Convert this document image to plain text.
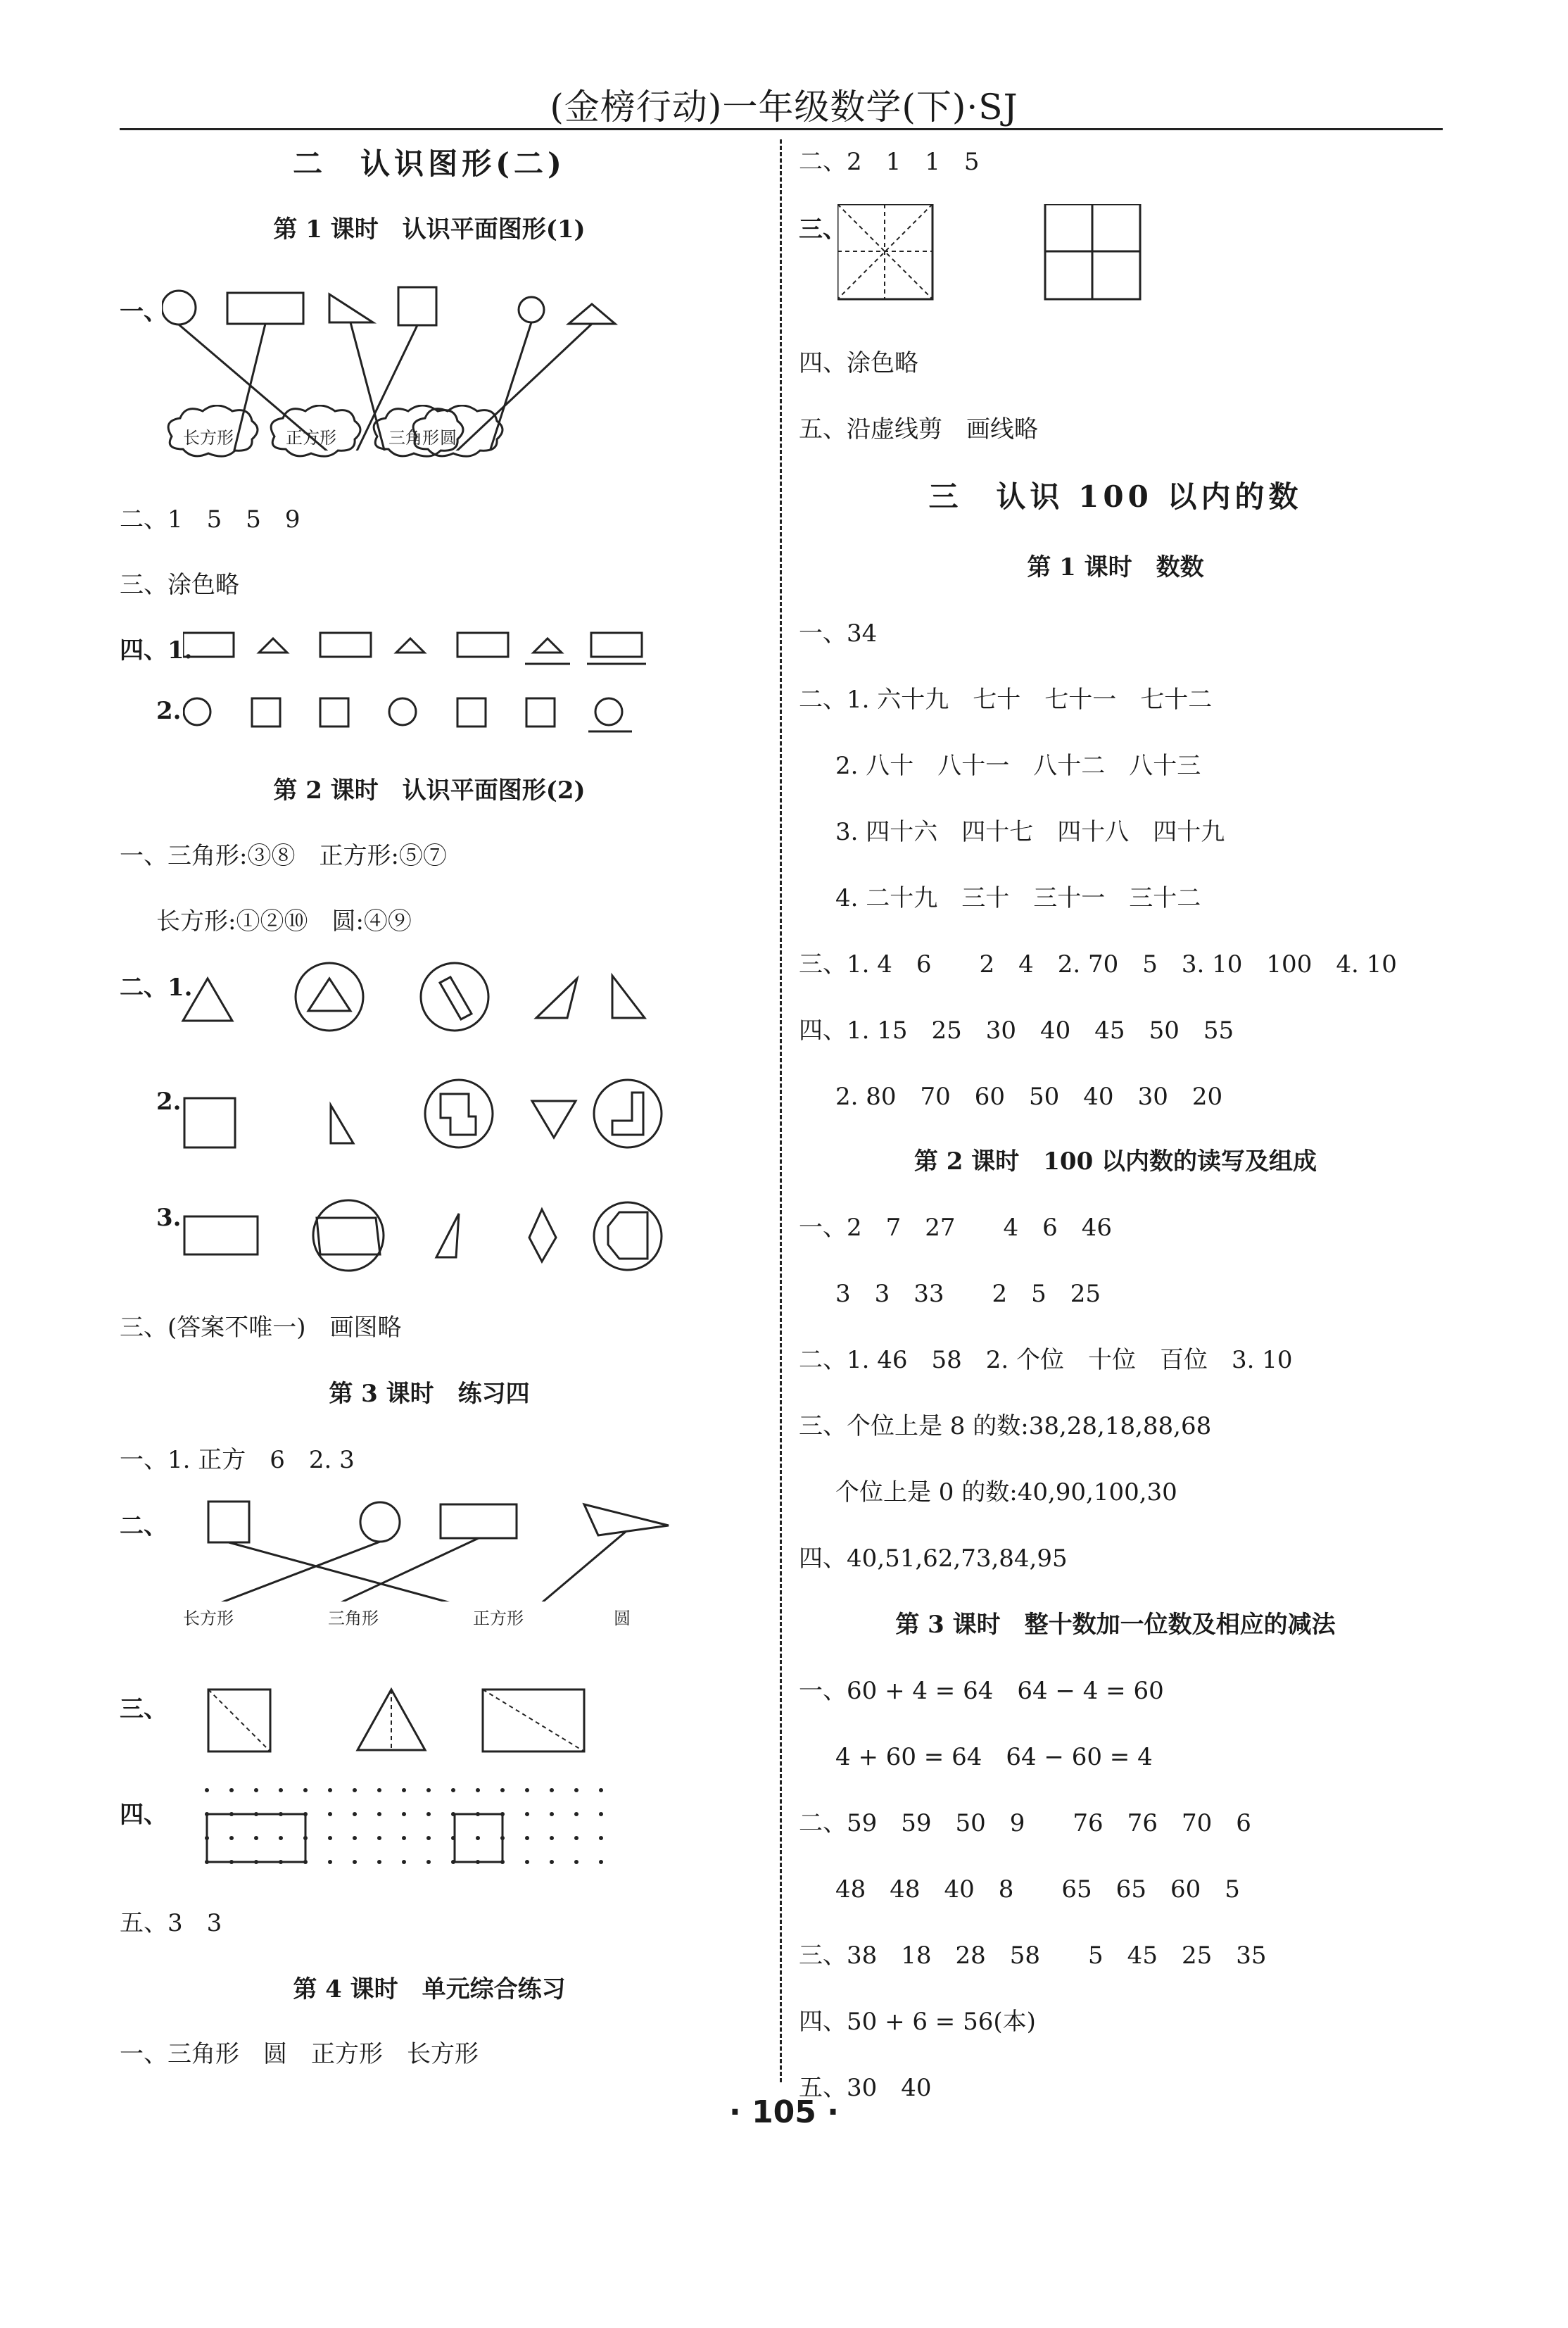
(金榜行动)一年级数学(下)·SJ
二　认识图形(二)
第 1 课时　认识平面图形(1)
一、
长方形	正方形	三角形 圆
二、1　5　5　9
三、涂色略
四、1.
2.
第 2 课时　认识平面图形(2)
一、三角形:③⑧　正方形:⑤⑦
长方形:①②⑩　圆:④⑨
二、1.
2.
3.
三、(答案不唯一)　画图略
第 3 课时　练习四
一、1. 正方　6　2. 3
二、
长方形	三角形	正方形	圆
三、
四、
五、3　3
第 4 课时　单元综合练习
一、三角形　圆　正方形　长方形
二、2　1　1　5
三、
四、涂色略
五、沿虚线剪　画线略
三　认识 100 以内的数
第 1 课时　数数
一、34
二、1. 六十九　七十　七十一　七十二
2. 八十　八十一　八十二　八十三
3. 四十六　四十七　四十八　四十九
4. 二十九　三十　三十一　三十二
三、1. 4　6　　2　4　2. 70　5　3. 10　100　4. 10
四、1. 15　25　30　40　45　50　55
2. 80　70　60　50　40　30　20
第 2 课时　100 以内数的读写及组成
一、2　7　27　　4　6　46
3　3　33　　2　5　25
二、1. 46　58　2. 个位　十位　百位　3. 10
三、个位上是 8 的数:38,28,18,88,68
个位上是 0 的数:40,90,100,30
四、40,51,62,73,84,95
第 3 课时　整十数加一位数及相应的减法
一、60 + 4 = 64　64 − 4 = 60
4 + 60 = 64　64 − 60 = 4
二、59　59　50　9　　76　76　70　6
48　48　40　8　　65　65　60　5
三、38　18　28　58　　5　45　25　35
四、50 + 6 = 56(本)
五、30　40
· 105 ·
